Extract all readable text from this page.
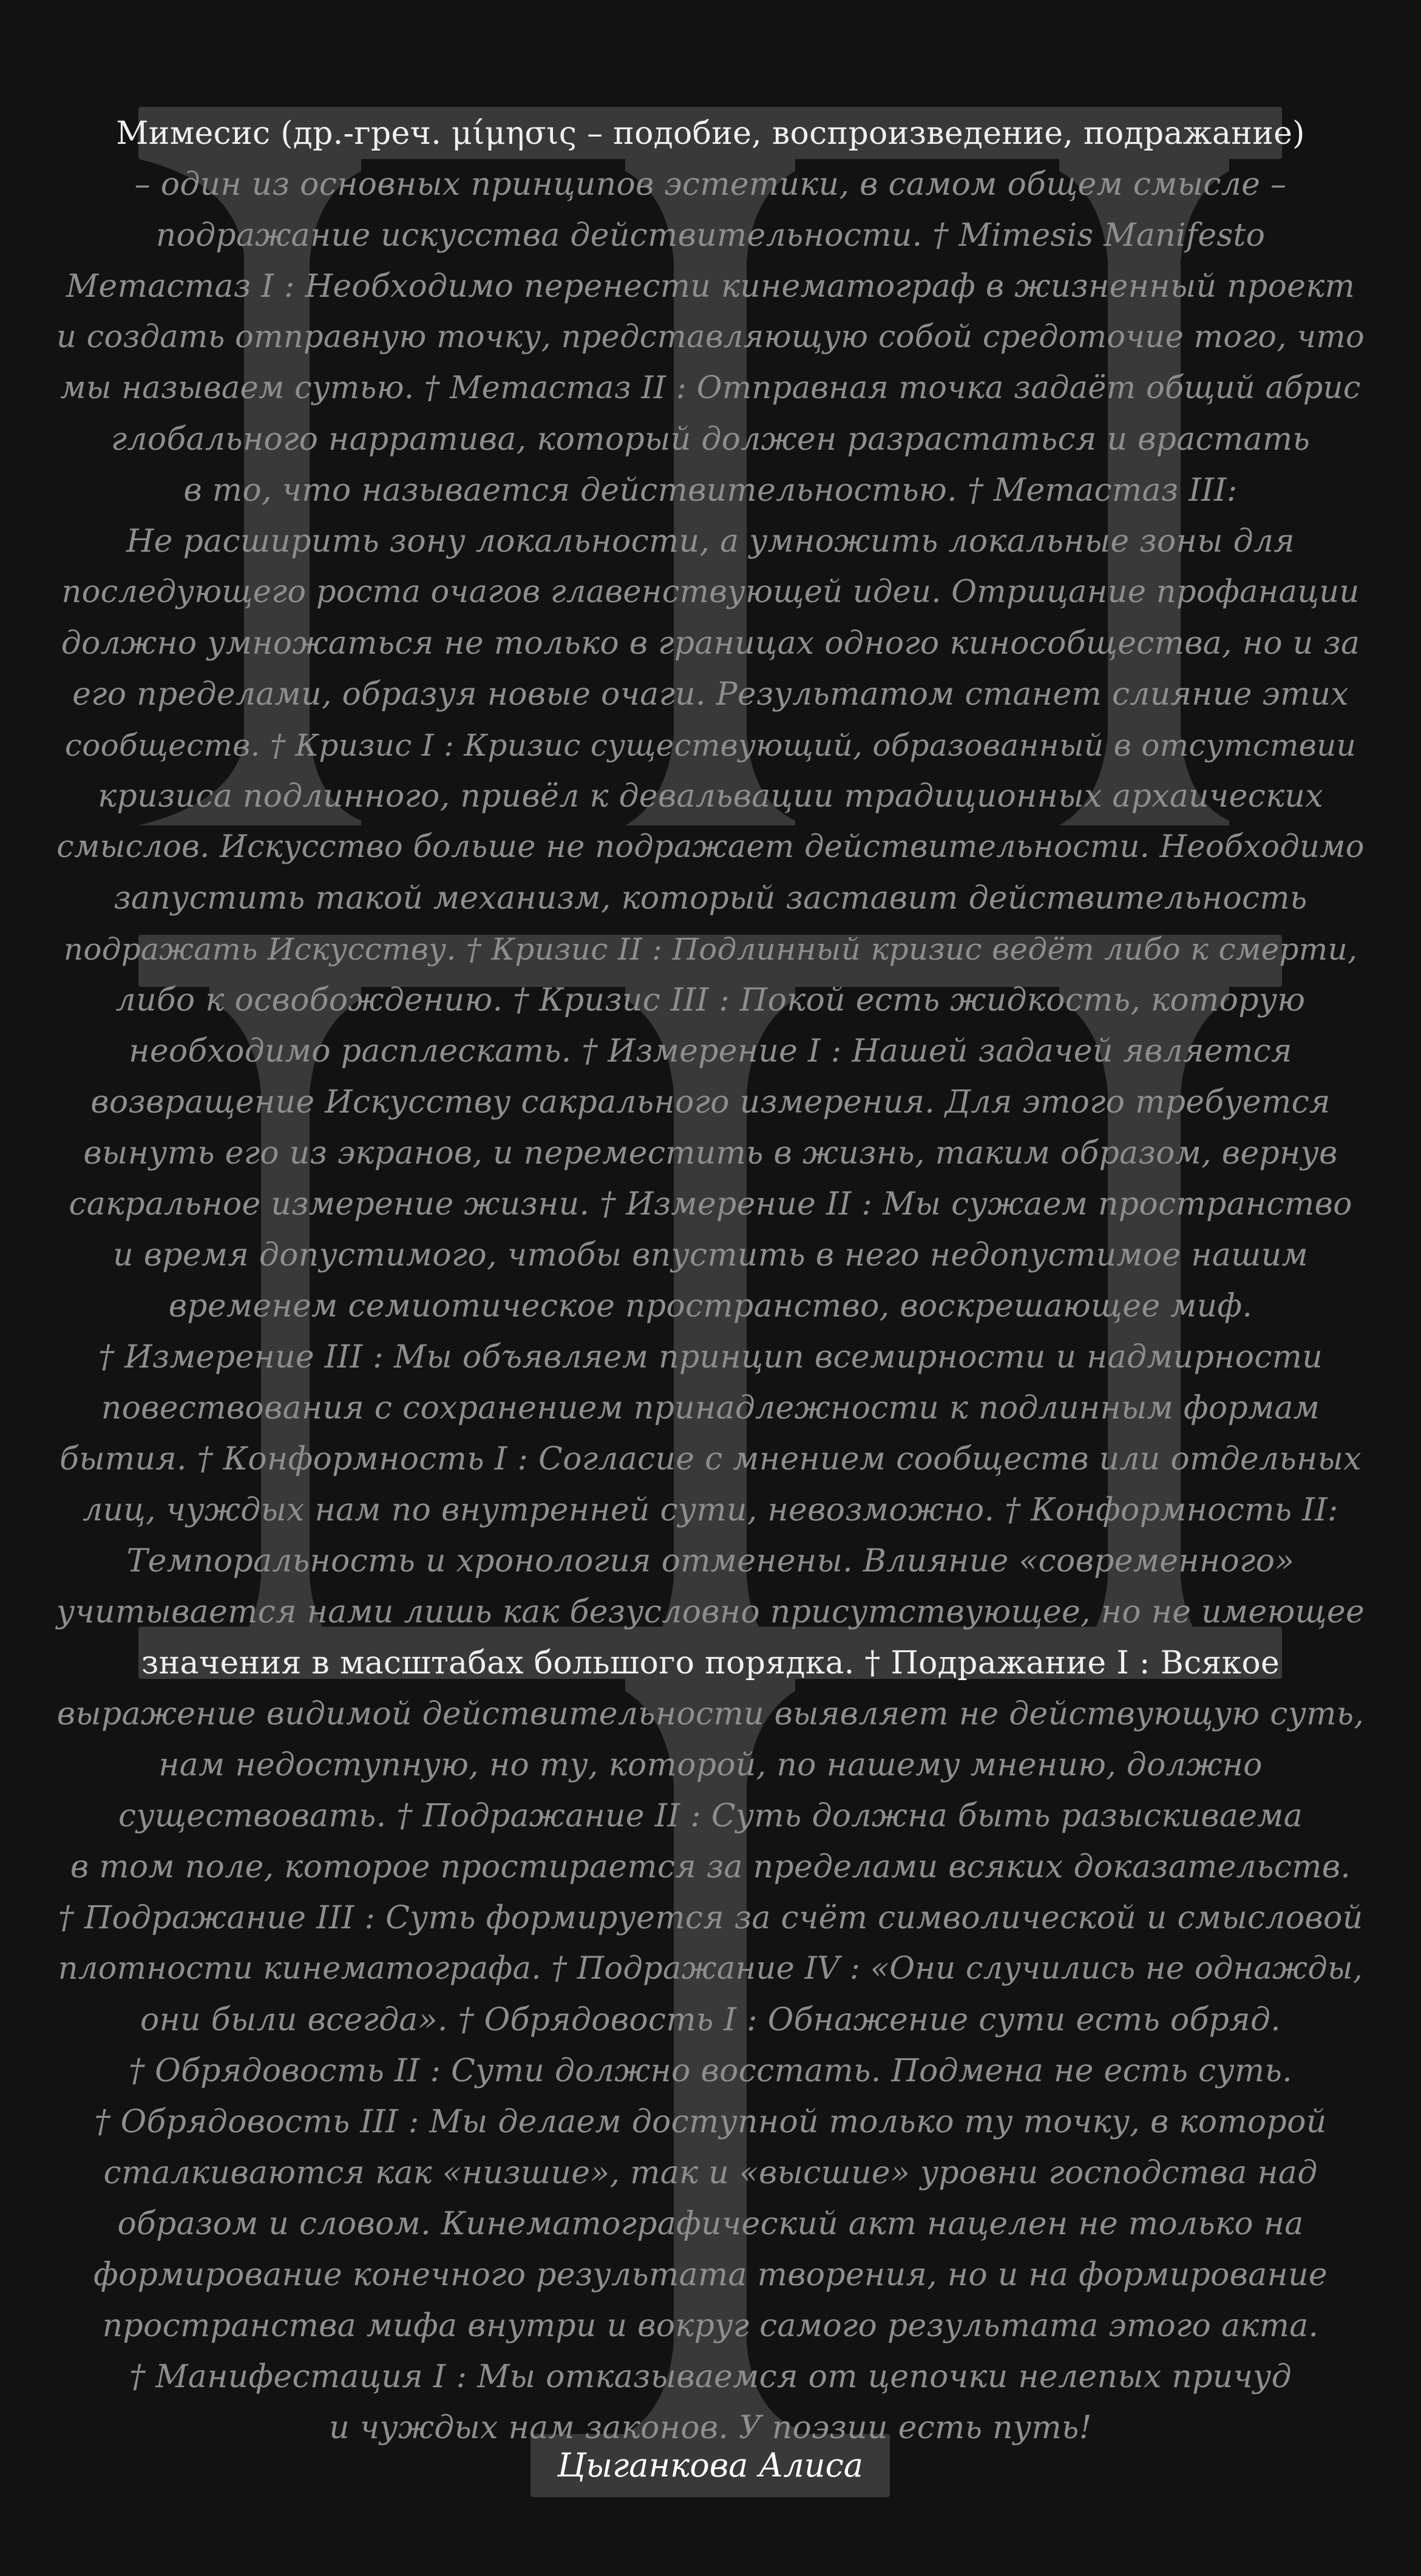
Мимесис (др.-греч. μίμησις – подобие, воспроизведение, подражание)
– один из основных принципов эстетики, в самом общем смысле –
подражание искусства действительности. † Mimesis Manifesto
Метастаз I : Необходимо перенести кинематограф в жизненный проект
и создать отправную точку, представляющую собой средоточие того, что
мы называем сутью. † Метастаз II : Отправная точка задаёт общий абрис
глобального нарратива, который должен разрастаться и врастать
в то, что называется действительностью. † Метастаз III:
Не расширить зону локальности, а умножить локальные зоны для
последующего роста очагов главенствующей идеи. Отрицание профанации
должно умножаться не только в границах одного кинособщества, но и за
его пределами, образуя новые очаги. Результатом станет слияние этих
сообществ. † Кризис I : Кризис существующий, образованный в отсутствии
кризиса подлинного, привёл к девальвации традиционных архаических
смыслов. Искусство больше не подражает действительности. Необходимо
запустить такой механизм, который заставит действительность
подражать Искусству. † Кризис II : Подлинный кризис ведёт либо к смерти,
либо к освобождению. † Кризис III : Покой есть жидкость, которую
необходимо расплескать. † Измерение I : Нашей задачей является
возвращение Искусству сакрального измерения. Для этого требуется
вынуть его из экранов, и переместить в жизнь, таким образом, вернув
сакральное измерение жизни. † Измерение II : Мы сужаем пространство
и время допустимого, чтобы впустить в него недопустимое нашим
временем семиотическое пространство, воскрешающее миф.
† Измерение III : Мы объявляем принцип всемирности и надмирности
повествования с сохранением принадлежности к подлинным формам
бытия. † Конформность I : Согласие с мнением сообществ или отдельных
лиц, чуждых нам по внутренней сути, невозможно. † Конформность II:
Темпоральность и хронология отменены. Влияние «современного»
учитывается нами лишь как безусловно присутствующее, но не имеющее
значения в масштабах большого порядка. † Подражание I : Всякое
выражение видимой действительности выявляет не действующую суть,
нам недоступную, но ту, которой, по нашему мнению, должно
существовать. † Подражание II : Суть должна быть разыскиваема
в том поле, которое простирается за пределами всяких доказательств.
† Подражание III : Суть формируется за счёт символической и смысловой
плотности кинематографа. † Подражание IV : «Они случились не однажды,
они были всегда». † Обрядовость I : Обнажение сути есть обряд.
† Обрядовость II : Сути должно восстать. Подмена не есть суть.
† Обрядовость III : Мы делаем доступной только ту точку, в которой
сталкиваются как «низшие», так и «высшие» уровни господства над
образом и словом. Кинематографический акт нацелен не только на
формирование конечного результата творения, но и на формирование
пространства мифа внутри и вокруг самого результата этого акта.
† Манифестация I : Мы отказываемся от цепочки нелепых причуд
и чуждых нам законов. У поэзии есть путь!
Цыганкова Алиса
